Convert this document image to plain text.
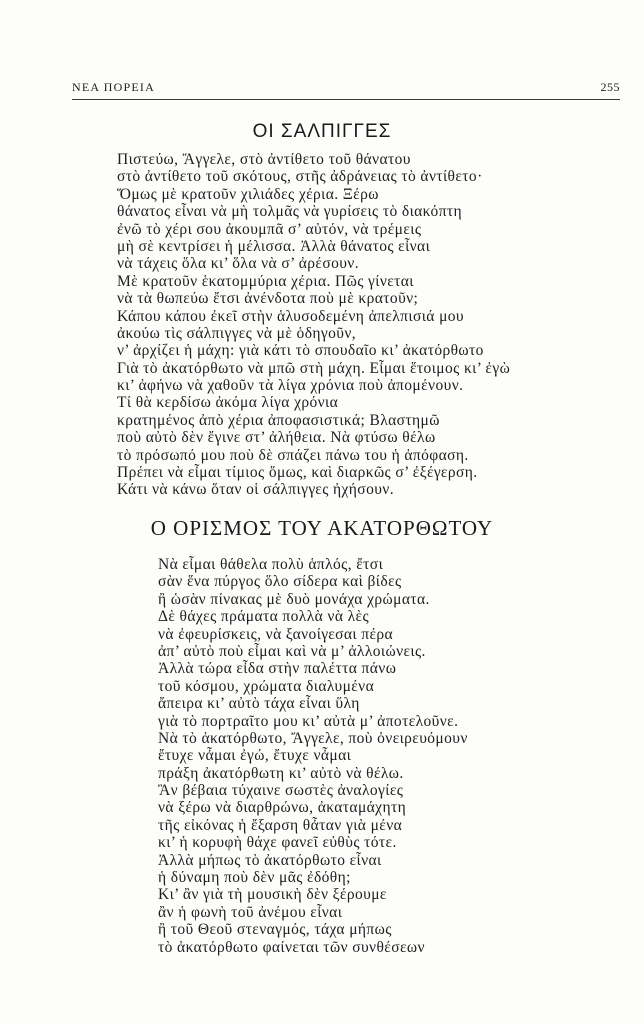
ΝΕΑ ΠΟΡΕΙΑ	255
ΟΙ ΣΑΛΠΙΓΓΕΣ
Πιστεύω, Ἄγγελε, στὸ ἀντίθετο τοῦ θάνατου
στὸ ἀντίθετο τοῦ σκότους, στῆς ἀδράνειας τὸ ἀντίθετο·
Ὅμως μὲ κρατοῦν χιλιάδες χέρια. Ξέρω
θάνατος εἶναι νὰ μὴ τολμᾶς νὰ γυρίσεις τὸ διακόπτη
ἐνῶ τὸ χέρι σου ἀκουμπᾶ σ’ αὐτόν, νὰ τρέμεις
μὴ σὲ κεντρίσει ἡ μέλισσα. Ἀλλὰ θάνατος εἶναι
νὰ τάχεις ὅλα κι’ ὅλα νὰ σ’ ἀρέσουν.
Μὲ κρατοῦν ἑκατομμύρια χέρια. Πῶς γίνεται
νὰ τὰ θωπεύω ἔτσι ἀνένδοτα ποὺ μὲ κρατοῦν;
Κάπου κάπου ἐκεῖ στὴν ἁλυσοδεμένη ἀπελπισιά μου
ἀκούω τὶς σάλπιγγες νὰ μὲ ὁδηγοῦν,
ν’ ἀρχίζει ἡ μάχη: γιὰ κάτι τὸ σπουδαῖο κι’ ἀκατόρθωτο
Γιὰ τὸ ἀκατόρθωτο νὰ μπῶ στὴ μάχη. Εἶμαι ἕτοιμος κι’ ἐγὼ
κι’ ἀφήνω νὰ χαθοῦν τὰ λίγα χρόνια ποὺ ἀπομένουν.
Τί θὰ κερδίσω ἀκόμα λίγα χρόνια
κρατημένος ἀπὸ χέρια ἀποφασιστικά; Βλαστημῶ
ποὺ αὐτὸ δὲν ἔγινε στ’ ἀλήθεια. Νὰ φτύσω θέλω
τὸ πρόσωπό μου ποὺ δὲ σπάζει πάνω του ἡ ἀπόφαση.
Πρέπει νὰ εἶμαι τίμιος ὅμως, καὶ διαρκῶς σ’ ἐξέγερση.
Κάτι νὰ κάνω ὅταν οἱ σάλπιγγες ἠχήσουν.
Ο ΟΡΙΣΜΟΣ ΤΟΥ ΑΚΑΤΟΡΘΩΤΟΥ
Νὰ εἶμαι θάθελα πολὺ ἁπλός, ἔτσι
σὰν ἕνα πύργος ὅλο σίδερα καὶ βίδες
ἢ ὡσὰν πίνακας μὲ δυὸ μονάχα χρώματα.
Δὲ θάχες πράματα πολλὰ νὰ λὲς
νὰ ἐφευρίσκεις, νὰ ξανοίγεσαι πέρα
ἀπ’ αὐτὸ ποὺ εἶμαι καὶ νὰ μ’ ἀλλοιώνεις.
Ἀλλὰ τώρα εἶδα στὴν παλέττα πάνω
τοῦ κόσμου, χρώματα διαλυμένα
ἄπειρα κι’ αὐτὸ τάχα εἶναι ὕλη
γιὰ τὸ πορτραῖτο μου κι’ αὐτὰ μ’ ἀποτελοῦνε.
Νὰ τὸ ἀκατόρθωτο, Ἄγγελε, ποὺ ὀνειρευόμουν
ἔτυχε νἆμαι ἐγώ, ἔτυχε νἆμαι
πράξη ἀκατόρθωτη κι’ αὐτὸ νὰ θέλω.
Ἂν βέβαια τύχαινε σωστὲς ἀναλογίες
νὰ ξέρω νὰ διαρθρώνω, ἀκαταμάχητη
τῆς εἰκόνας ἡ ἔξαρση θἆταν γιὰ μένα
κι’ ἡ κορυφὴ θάχε φανεῖ εὐθὺς τότε.
Ἀλλὰ μήπως τὸ ἀκατόρθωτο εἶναι
ἡ δύναμη ποὺ δὲν μᾶς ἐδόθη;
Κι’ ἂν γιὰ τὴ μουσικὴ δὲν ξέρουμε
ἂν ἡ φωνὴ τοῦ ἀνέμου εἶναι
ἢ τοῦ Θεοῦ στεναγμός, τάχα μήπως
τὸ ἀκατόρθωτο φαίνεται τῶν συνθέσεων
